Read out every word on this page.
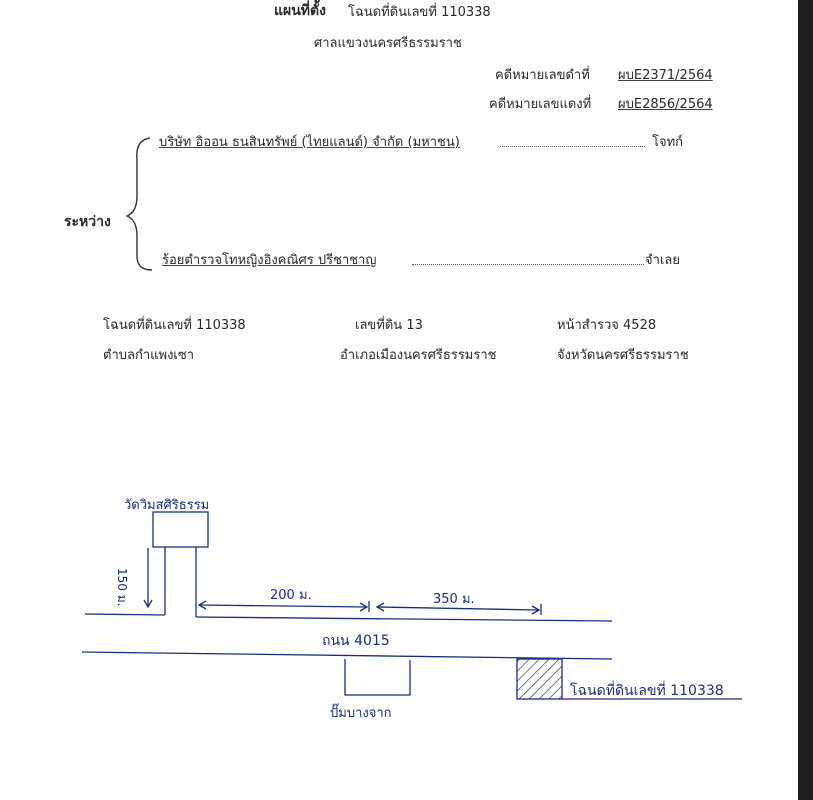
แผนที่ตั้ง โฉนดที่ดินเลขที่ 110338
ศาลแขวงนครศรีธรรมราช
คดีหมายเลขดำที่ ผบE2371/2564
คดีหมายเลขแดงที่ ผบE2856/2564
ระหว่าง
บริษัท อิออน ธนสินทรัพย์ (ไทยแลนด์) จำกัด (มหาชน)	โจทก์
ร้อยตำรวจโทหญิงอิงคณิศร ปรีชาชาญ	จำเลย
โฉนดที่ดินเลขที่ 110338	เลขที่ดิน 13	หน้าสำรวจ 4528
ตำบลกำแพงเซา	อำเภอเมืองนครศรีธรรมราช	จังหวัดนครศรีธรรมราช
วัดวิมสศิริธรรม
150 ม.	200 ม.	350 ม.
ถนน 4015
ปั๊มบางจาก
โฉนดที่ดินเลขที่ 110338
